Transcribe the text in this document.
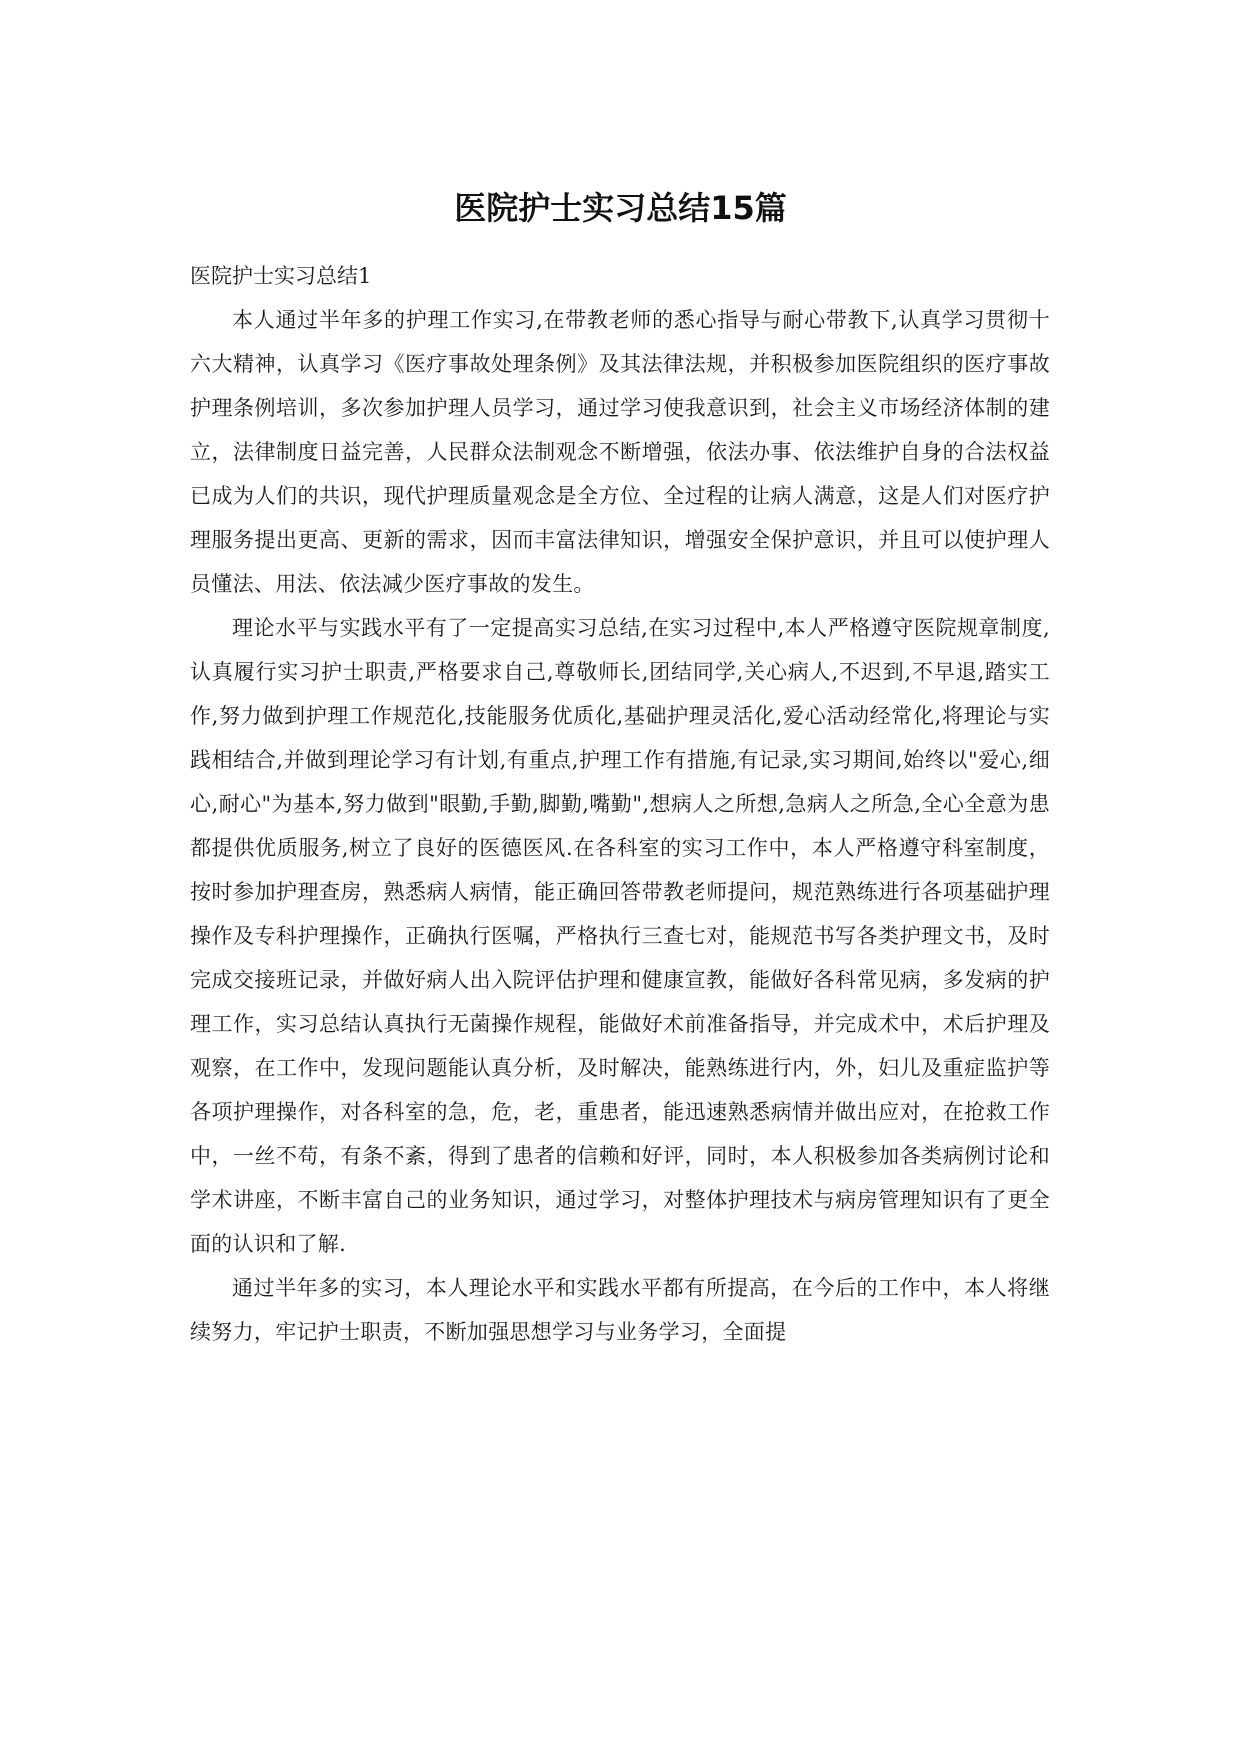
医院护士实习总结15篇

医院护士实习总结1

本人通过半年多的护理工作实习,在带教老师的悉心指导与耐心带教下,认真学习贯彻十六大精神，认真学习《医疗事故处理条例》及其法律法规，并积极参加医院组织的医疗事故护理条例培训，多次参加护理人员学习，通过学习使我意识到，社会主义市场经济体制的建立，法律制度日益完善，人民群众法制观念不断增强，依法办事、依法维护自身的合法权益已成为人们的共识，现代护理质量观念是全方位、全过程的让病人满意，这是人们对医疗护理服务提出更高、更新的需求，因而丰富法律知识，增强安全保护意识，并且可以使护理人员懂法、用法、依法减少医疗事故的发生。

理论水平与实践水平有了一定提高实习总结,在实习过程中,本人严格遵守医院规章制度,认真履行实习护士职责,严格要求自己,尊敬师长,团结同学,关心病人,不迟到,不早退,踏实工作,努力做到护理工作规范化,技能服务优质化,基础护理灵活化,爱心活动经常化,将理论与实践相结合,并做到理论学习有计划,有重点,护理工作有措施,有记录,实习期间,始终以"爱心,细心,耐心"为基本,努力做到"眼勤,手勤,脚勤,嘴勤",想病人之所想,急病人之所急,全心全意为患都提供优质服务,树立了良好的医德医风.在各科室的实习工作中，本人严格遵守科室制度，按时参加护理查房，熟悉病人病情，能正确回答带教老师提问，规范熟练进行各项基础护理操作及专科护理操作，正确执行医嘱，严格执行三查七对，能规范书写各类护理文书，及时完成交接班记录，并做好病人出入院评估护理和健康宣教，能做好各科常见病，多发病的护理工作，实习总结认真执行无菌操作规程，能做好术前准备指导，并完成术中，术后护理及观察，在工作中，发现问题能认真分析，及时解决，能熟练进行内，外，妇儿及重症监护等各项护理操作，对各科室的急，危，老，重患者，能迅速熟悉病情并做出应对，在抢救工作中，一丝不苟，有条不紊，得到了患者的信赖和好评，同时，本人积极参加各类病例讨论和学术讲座，不断丰富自己的业务知识，通过学习，对整体护理技术与病房管理知识有了更全面的认识和了解.

通过半年多的实习，本人理论水平和实践水平都有所提高，在今后的工作中，本人将继续努力，牢记护士职责，不断加强思想学习与业务学习，全面提
